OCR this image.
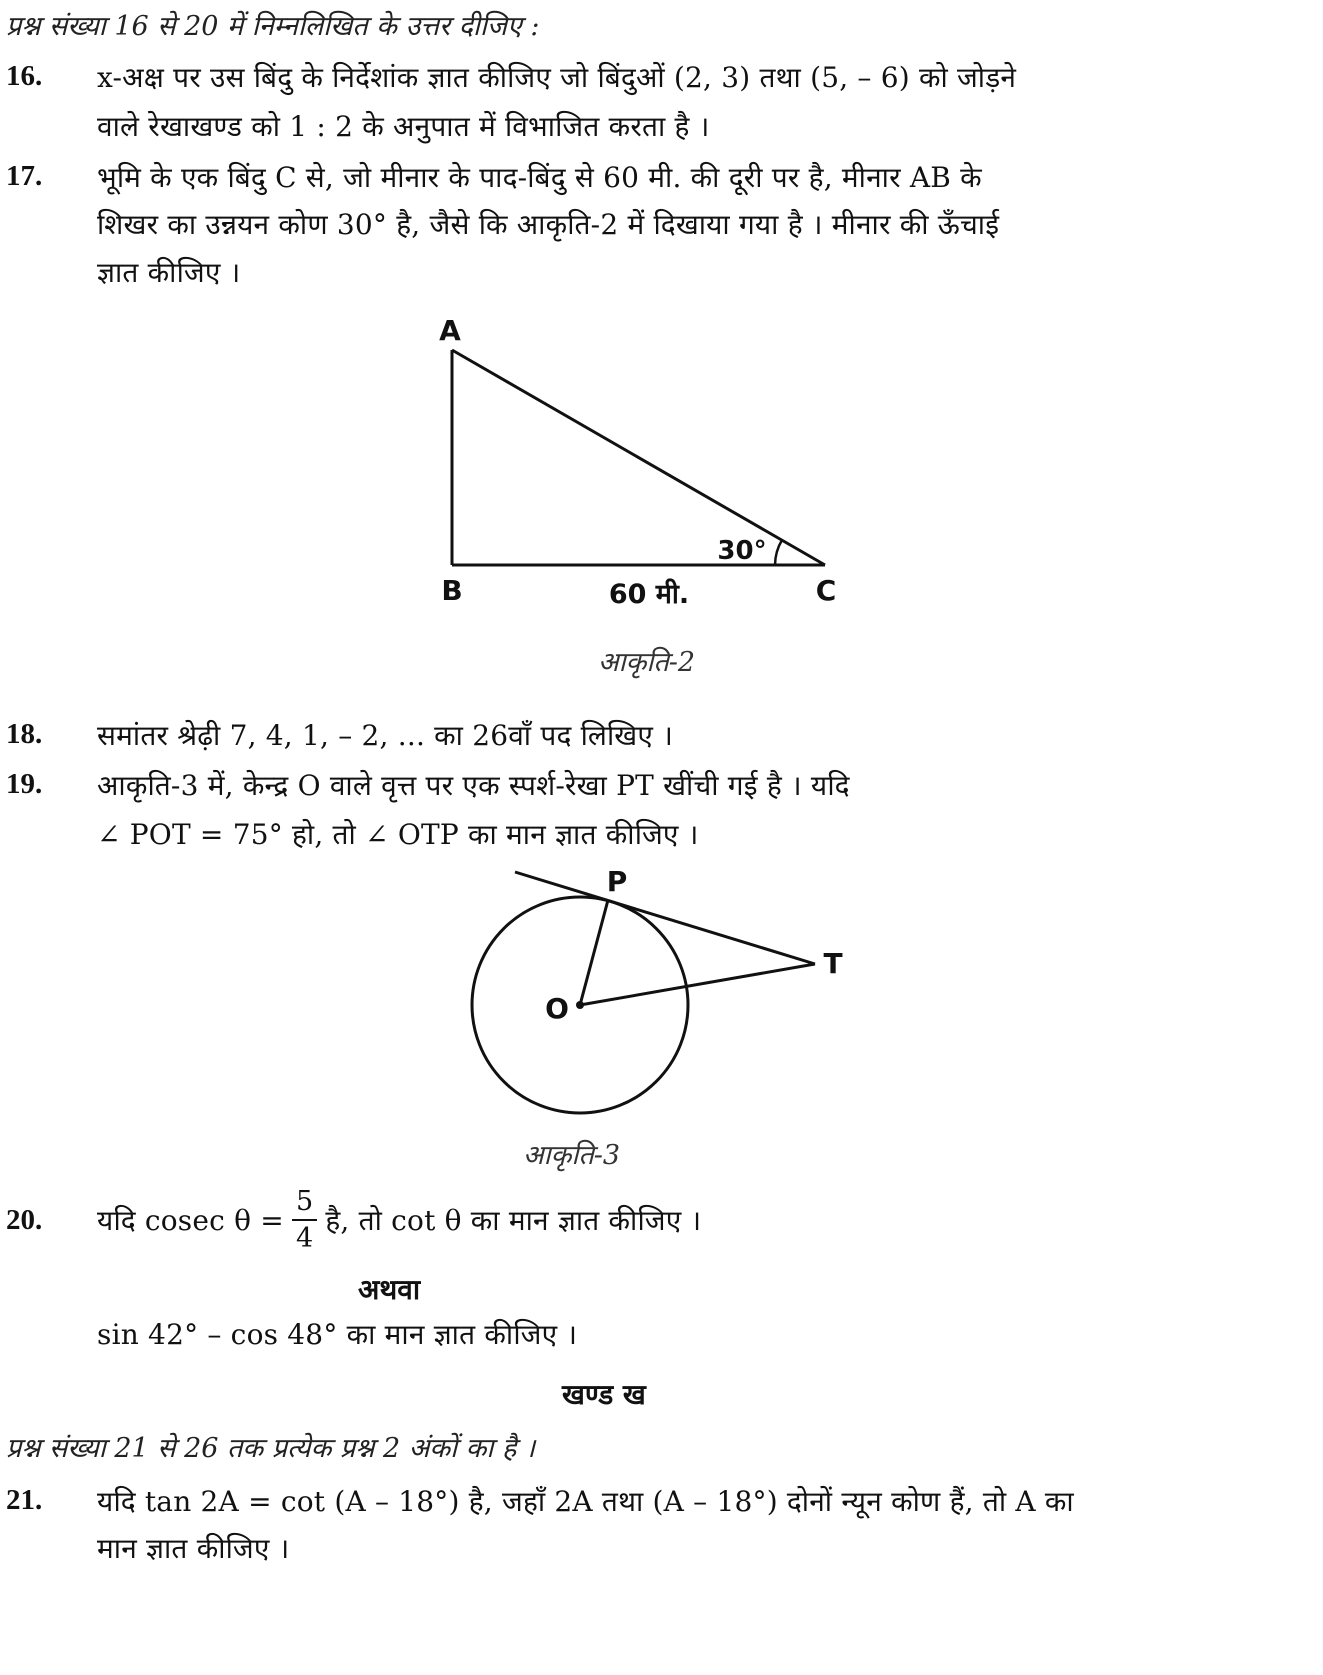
प्रश्न संख्या 16 से 20 में निम्नलिखित के उत्तर दीजिए :
16. x-अक्ष पर उस बिंदु के निर्देशांक ज्ञात कीजिए जो बिंदुओं (2, 3) तथा (5, – 6) को जोड़ने
वाले रेखाखण्ड को 1 : 2 के अनुपात में विभाजित करता है ।
17. भूमि के एक बिंदु C से, जो मीनार के पाद-बिंदु से 60 मी. की दूरी पर है, मीनार AB के
शिखर का उन्नयन कोण 30° है, जैसे कि आकृति-2 में दिखाया गया है । मीनार की ऊँचाई
ज्ञात कीजिए ।
A
B	C
30°
60 मी.
आकृति-2
18. समांतर श्रेढ़ी 7, 4, 1, – 2, ... का 26वाँ पद लिखिए ।
19. आकृति-3 में, केन्द्र O वाले वृत्त पर एक स्पर्श-रेखा PT खींची गई है । यदि
∠ POT = 75° हो, तो ∠ OTP का मान ज्ञात कीजिए ।
P
T
O
आकृति-3
20. यदि cosec $\theta = \frac{5}{4}$ है, तो cot θ का मान ज्ञात कीजिए ।
अथवा
sin 42° – cos 48° का मान ज्ञात कीजिए ।
खण्ड ख
प्रश्न संख्या 21 से 26 तक प्रत्येक प्रश्न 2 अंकों का है ।
21. यदि tan 2A = cot (A – 18°) है, जहाँ 2A तथा (A – 18°) दोनों न्यून कोण हैं, तो A का
मान ज्ञात कीजिए ।
